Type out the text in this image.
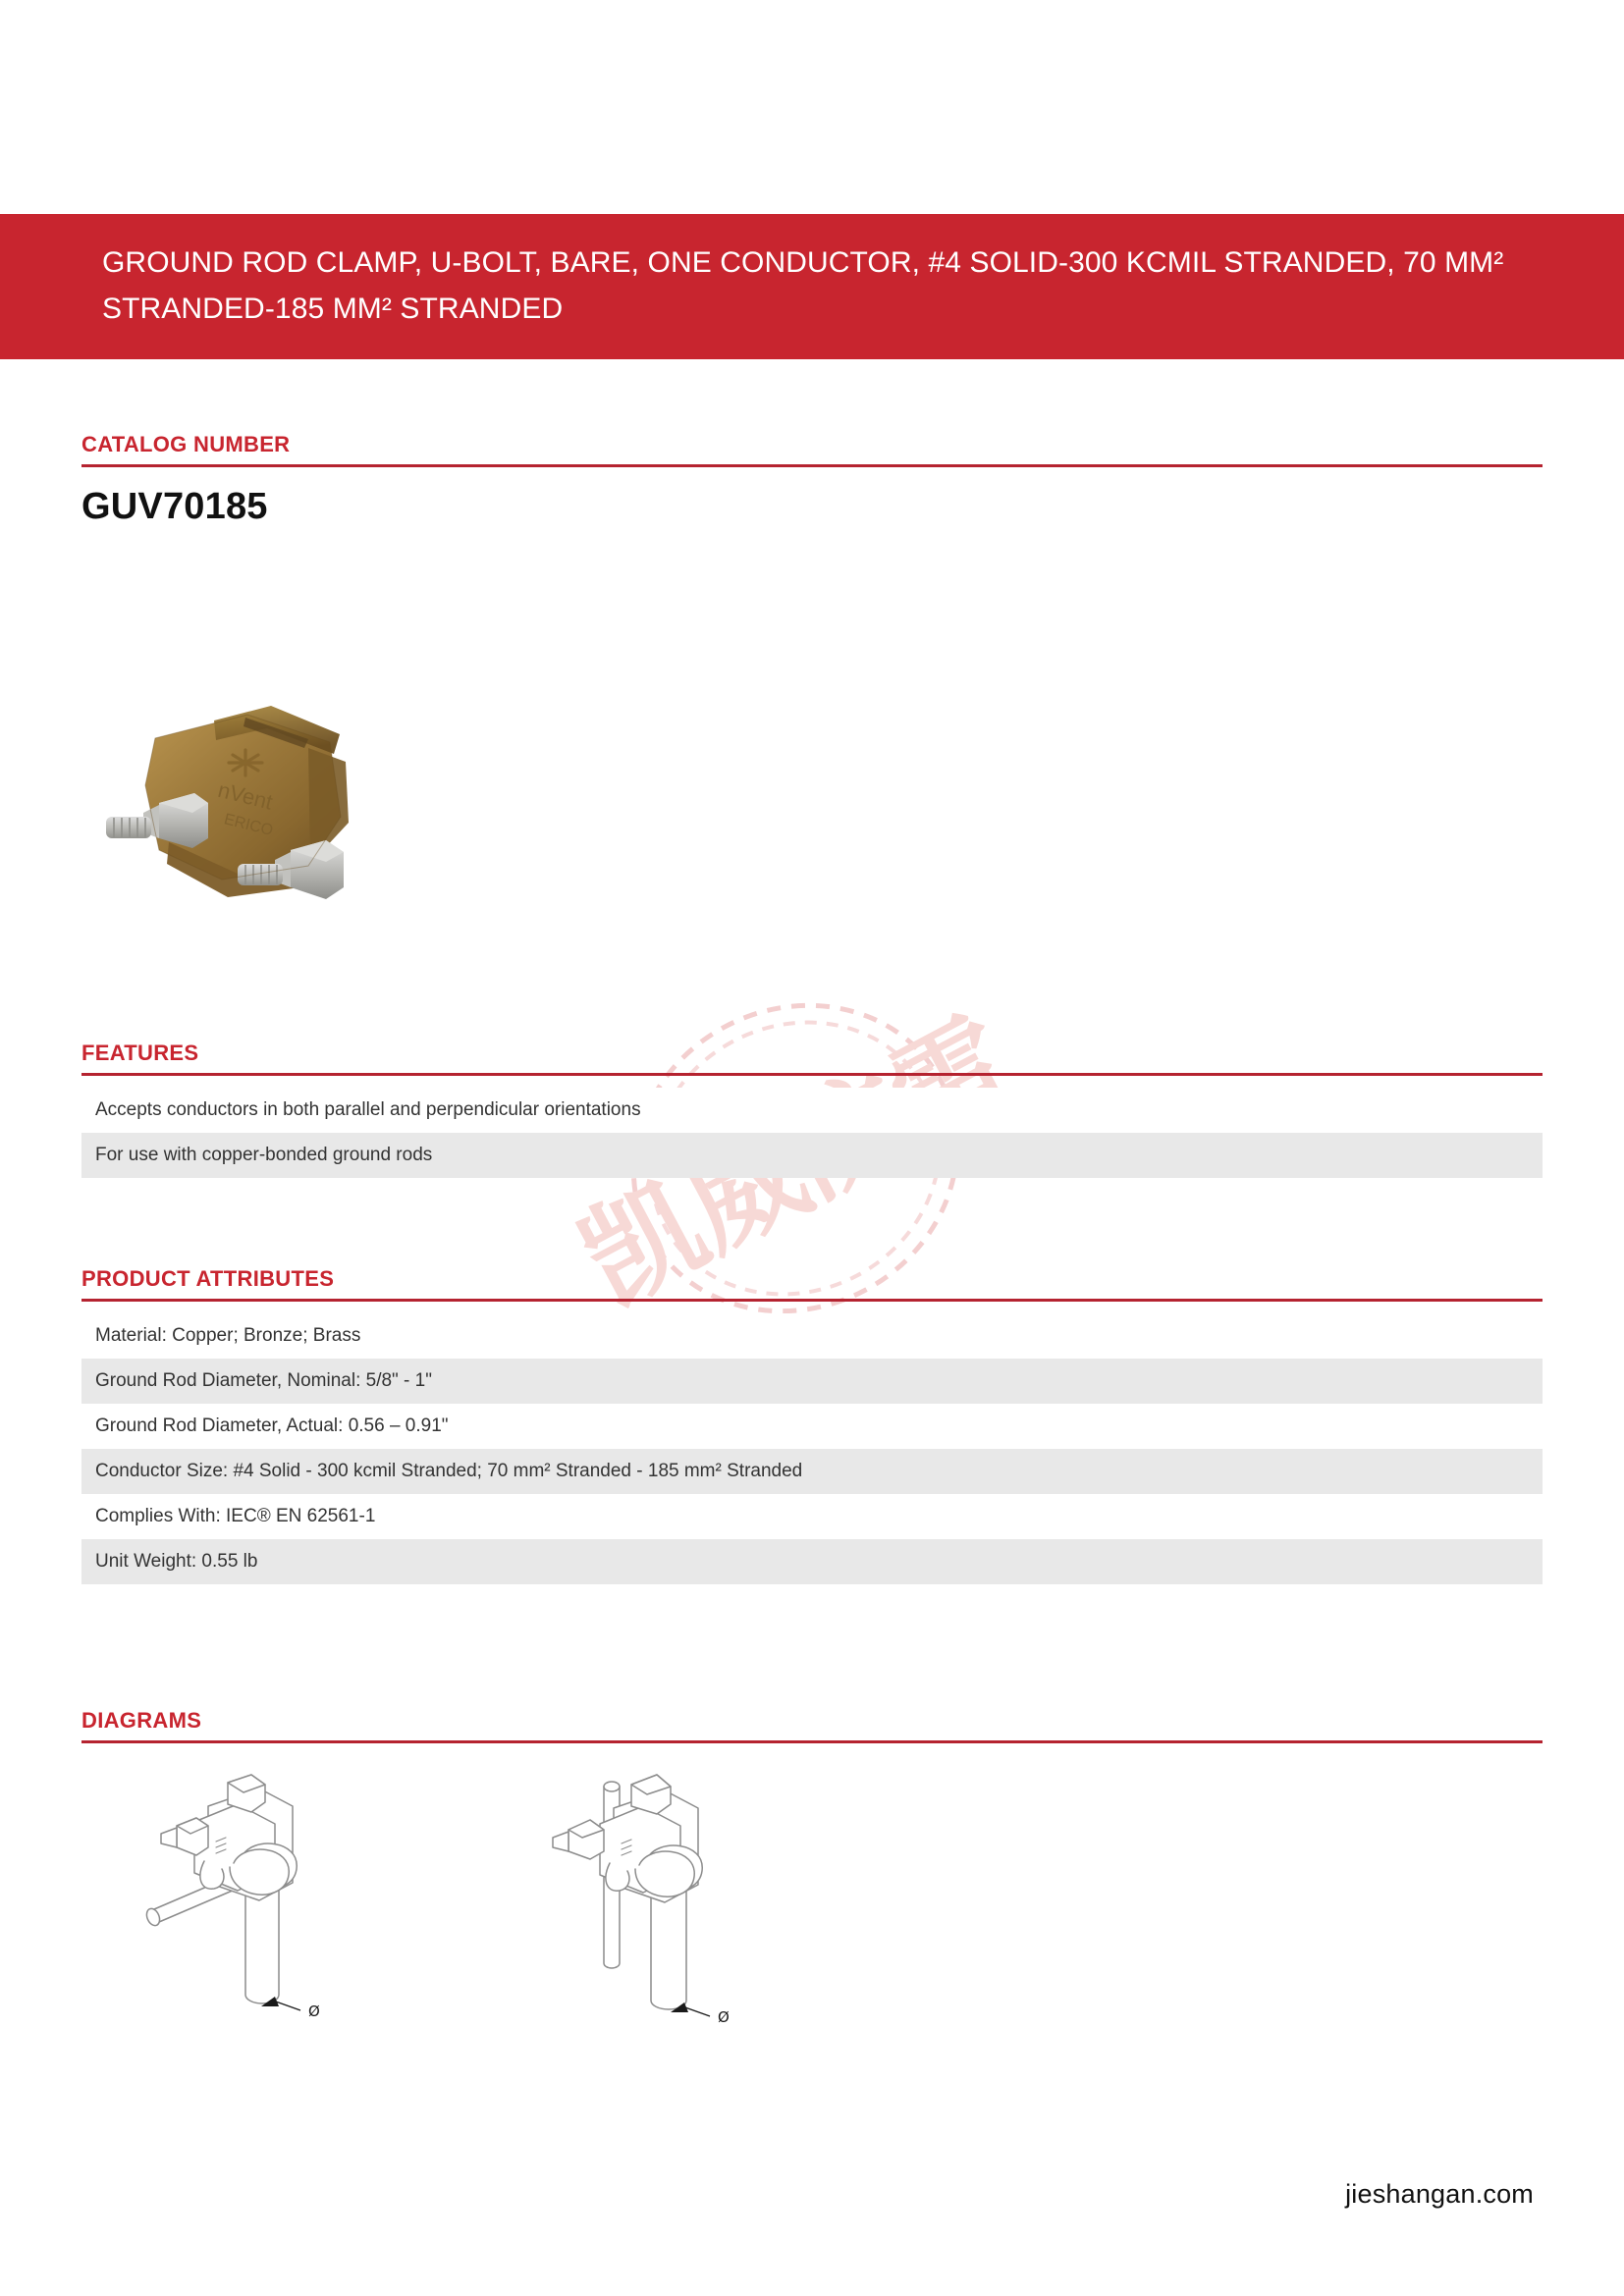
GROUND ROD CLAMP, U-BOLT, BARE, ONE CONDUCTOR, #4 SOLID-300 KCMIL STRANDED, 70 MM² STRANDED-185 MM² STRANDED
CATALOG NUMBER
GUV70185
nVent
ERICO
FEATURES
Accepts conductors in both parallel and perpendicular orientations
For use with copper-bonded ground rods
PRODUCT ATTRIBUTES
Material: Copper; Bronze; Brass
Ground Rod Diameter, Nominal: 5/8" - 1"
Ground Rod Diameter, Actual: 0.56 – 0.91"
Conductor Size: #4 Solid - 300 kcmil Stranded; 70 mm² Stranded - 185 mm² Stranded
Complies With: IEC® EN 62561-1
Unit Weight: 0.55 lb
DIAGRAMS
Ø	Ø
jieshangan.com
